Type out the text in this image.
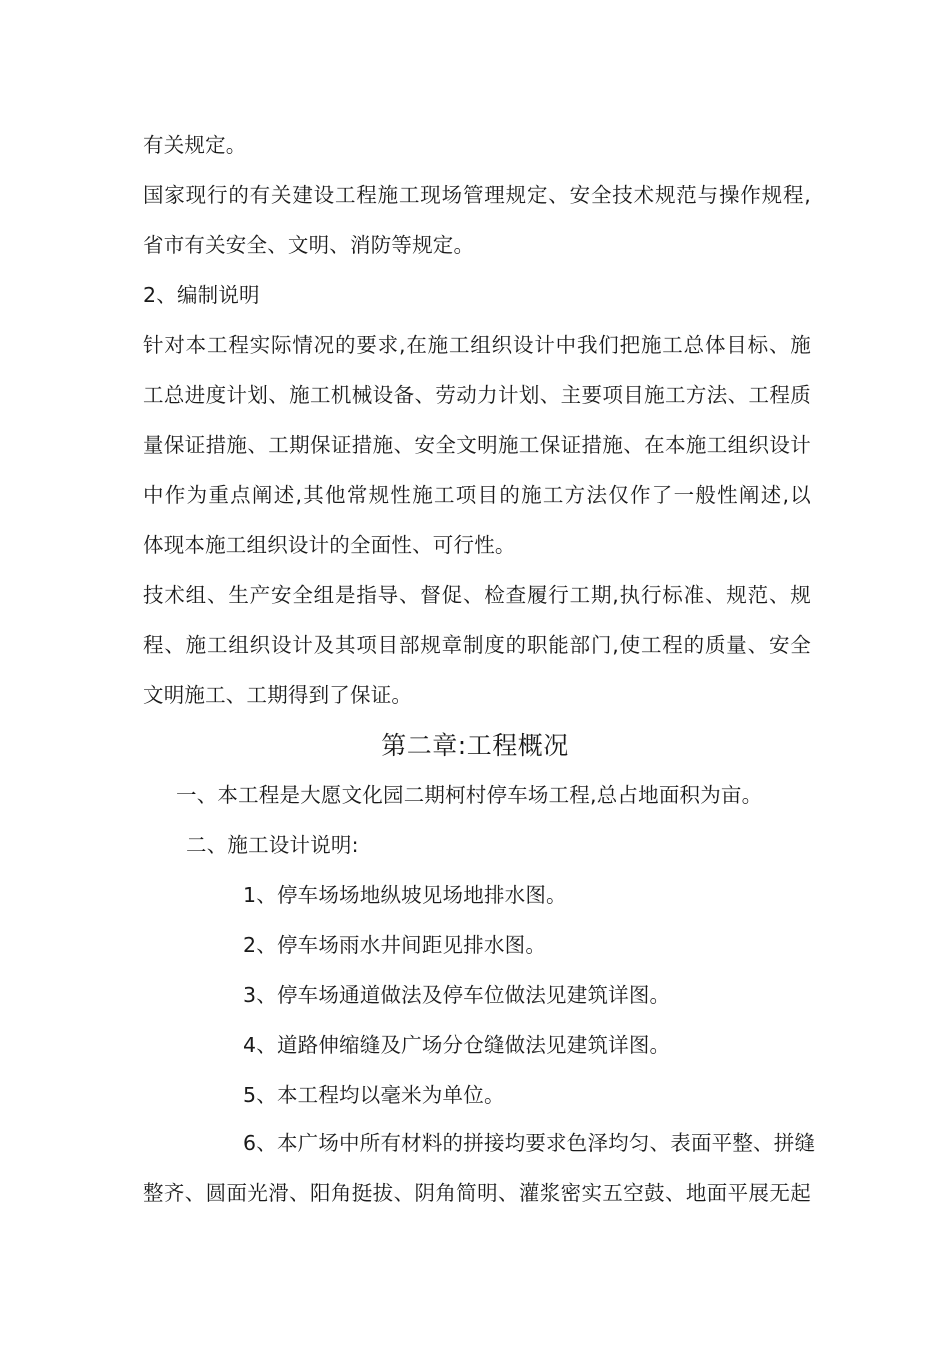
有关规定。
国家现行的有关建设工程施工现场管理规定、安全技术规范与操作规程,
省市有关安全、文明、消防等规定。
2、编制说明
针对本工程实际情况的要求,在施工组织设计中我们把施工总体目标、施
工总进度计划、施工机械设备、劳动力计划、主要项目施工方法、工程质
量保证措施、工期保证措施、安全文明施工保证措施、在本施工组织设计
中作为重点阐述,其他常规性施工项目的施工方法仅作了一般性阐述,以
体现本施工组织设计的全面性、可行性。
技术组、生产安全组是指导、督促、检查履行工期,执行标准、规范、规
程、施工组织设计及其项目部规章制度的职能部门,使工程的质量、安全
文明施工、工期得到了保证。
第二章:工程概况
一、本工程是大愿文化园二期柯村停车场工程,总占地面积为亩。
二、施工设计说明:
1、停车场场地纵坡见场地排水图。
2、停车场雨水井间距见排水图。
3、停车场通道做法及停车位做法见建筑详图。
4、道路伸缩缝及广场分仓缝做法见建筑详图。
5、本工程均以毫米为单位。
6、本广场中所有材料的拼接均要求色泽均匀、表面平整、拼缝
整齐、圆面光滑、阳角挺拔、阴角简明、灌浆密实五空鼓、地面平展无起
